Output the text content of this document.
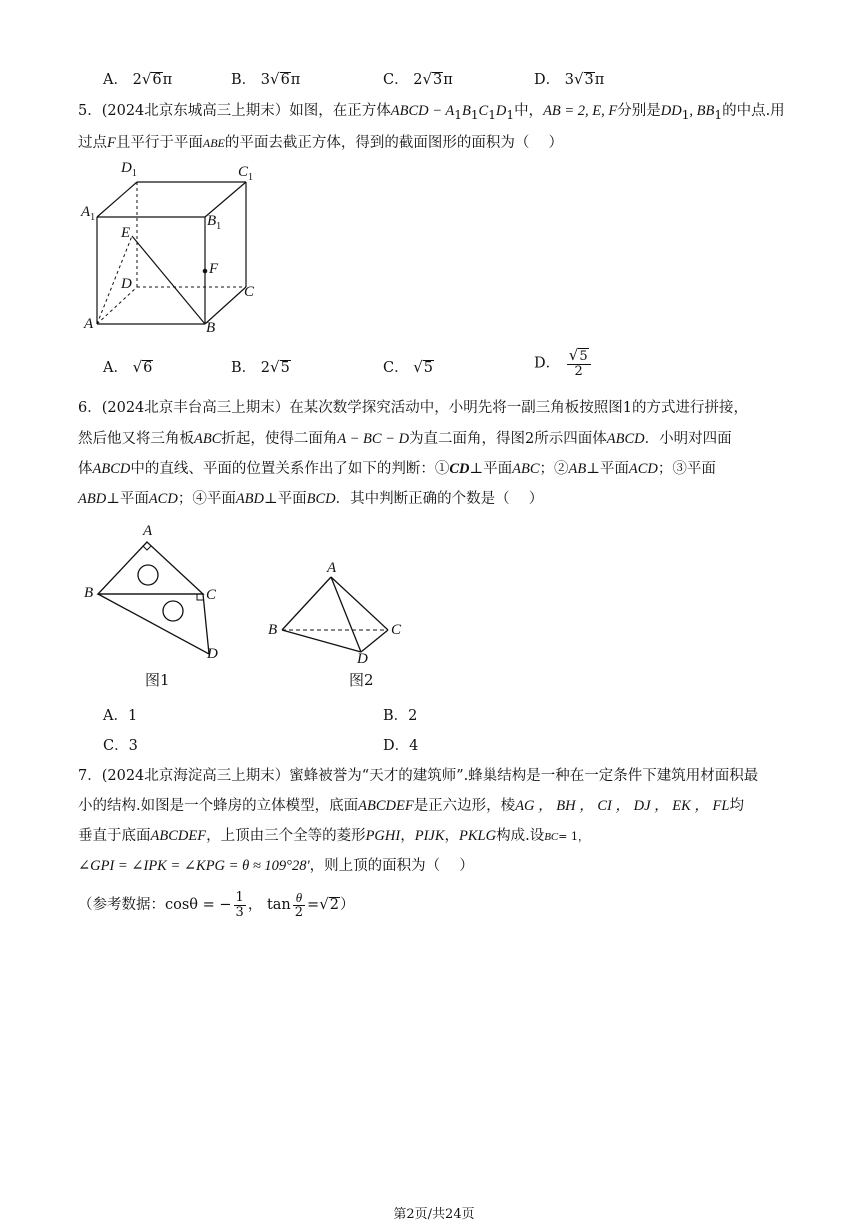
A． 2√6π	B． 3√6π	C． 2√3π	D． 3√3π
5．(2024北京东城高三上期末）如图，在正方体ABCD − $A_1B_1C_1D_1$中，AB = 2, E, F分别是$DD_1$, $BB_1$的中点.用
过点F且平行于平面ABE的平面去截正方体，得到的截面图形的面积为（　 ）
$D_1$	$C_1$
$A_1$	$B_1$
E
F
D	C
A	B
A． √6	B． 2√5	C． √5	D． $\frac{√5}{2}$
6．(2024北京丰台高三上期末）在某次数学探究活动中，小明先将一副三角板按照图1的方式进行拼接，
然后他又将三角板ABC折起，使得二面角A − BC − D为直二面角，得图2所示四面体ABCD．小明对四面
体ABCD中的直线、平面的位置关系作出了如下的判断：①CD⊥平面ABC；②AB⊥平面ACD；③平面
ABD⊥平面ACD；④平面ABD⊥平面BCD．其中判断正确的个数是（　 ）
A
B	C
D
图1
A
B	C
D
图2
A．1	B．2
C．3	D．4
7．(2024北京海淀高三上期末）蜜蜂被誉为“天才的建筑师”.蜂巢结构是一种在一定条件下建筑用材面积最
小的结构.如图是一个蜂房的立体模型，底面ABCDEF是正六边形，棱AG ， BH ， CI ， DJ ， EK ， FL均
垂直于底面ABCDEF，上顶由三个全等的菱形PGHI，PIJK，PKLG构成.设BC= 1，
∠GPI = ∠IPK = ∠KPG = θ ≈ 109°28′，则上顶的面积为（　 ）
（参考数据：cosθ = − $\frac{1}{3}$ ， $\tan \frac{\theta}{2} =√2$）
第2页/共24页
